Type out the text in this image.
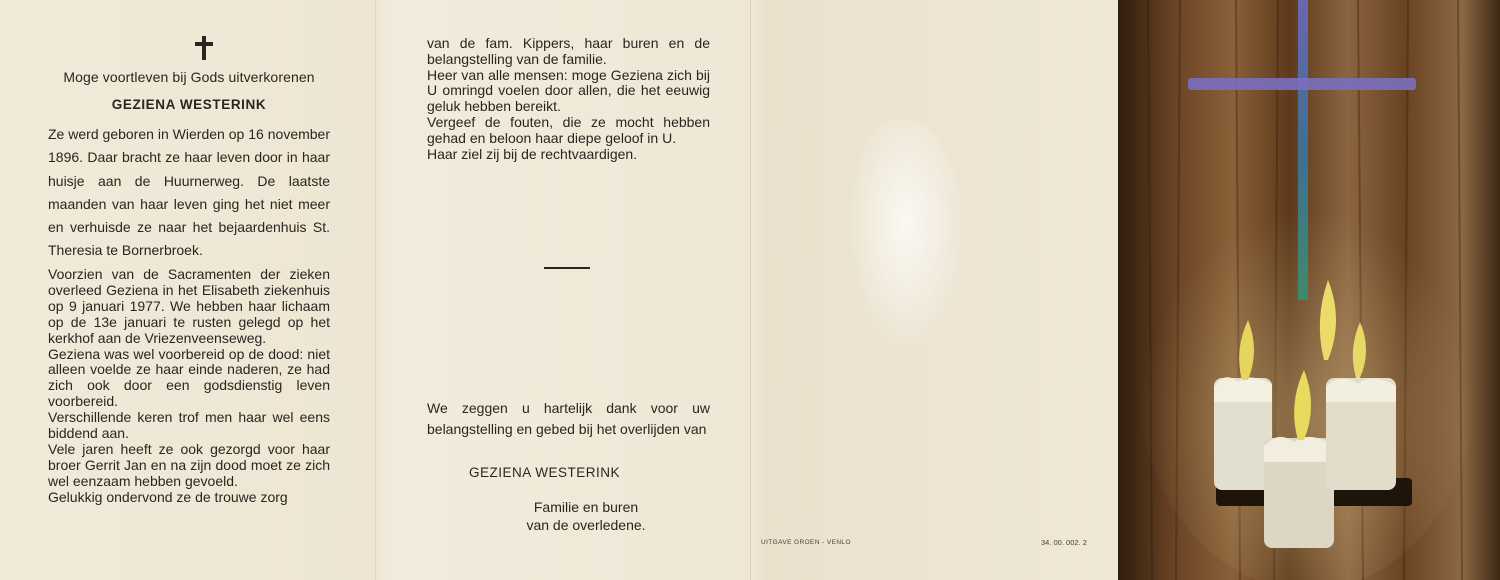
Moge voortleven bij Gods uitverkorenen
GEZIENA WESTERINK

Ze werd geboren in Wierden op 16 november 1896. Daar bracht ze haar leven door in haar huisje aan de Huurnerweg. De laatste maanden van haar leven ging het niet meer en verhuisde ze naar het bejaardenhuis St. Theresia te Bornerbroek.

Voorzien van de Sacramenten der zieken overleed Geziena in het Elisabeth ziekenhuis op 9 januari 1977. We hebben haar lichaam op de 13e januari te rusten gelegd op het kerkhof aan de Vriezenveenseweg.

Geziena was wel voorbereid op de dood: niet alleen voelde ze haar einde naderen, ze had zich ook door een godsdienstig leven voorbereid.

Verschillende keren trof men haar wel eens biddend aan.

Vele jaren heeft ze ook gezorgd voor haar broer Gerrit Jan en na zijn dood moet ze zich wel eenzaam hebben gevoeld.

Gelukkig ondervond ze de trouwe zorg

van de fam. Kippers, haar buren en de belangstelling van de familie.

Heer van alle mensen: moge Geziena zich bij U omringd voelen door allen, die het eeuwig geluk hebben bereikt.

Vergeef de fouten, die ze mocht hebben gehad en beloon haar diepe geloof in U.

Haar ziel zij bij de rechtvaardigen.

We zeggen u hartelijk dank voor uw belangstelling en gebed bij het overlijden van
GEZIENA WESTERINK
Familie en buren
van de overledene.
UITGAVE GROEN - VENLO	34. 00. 002. 2
